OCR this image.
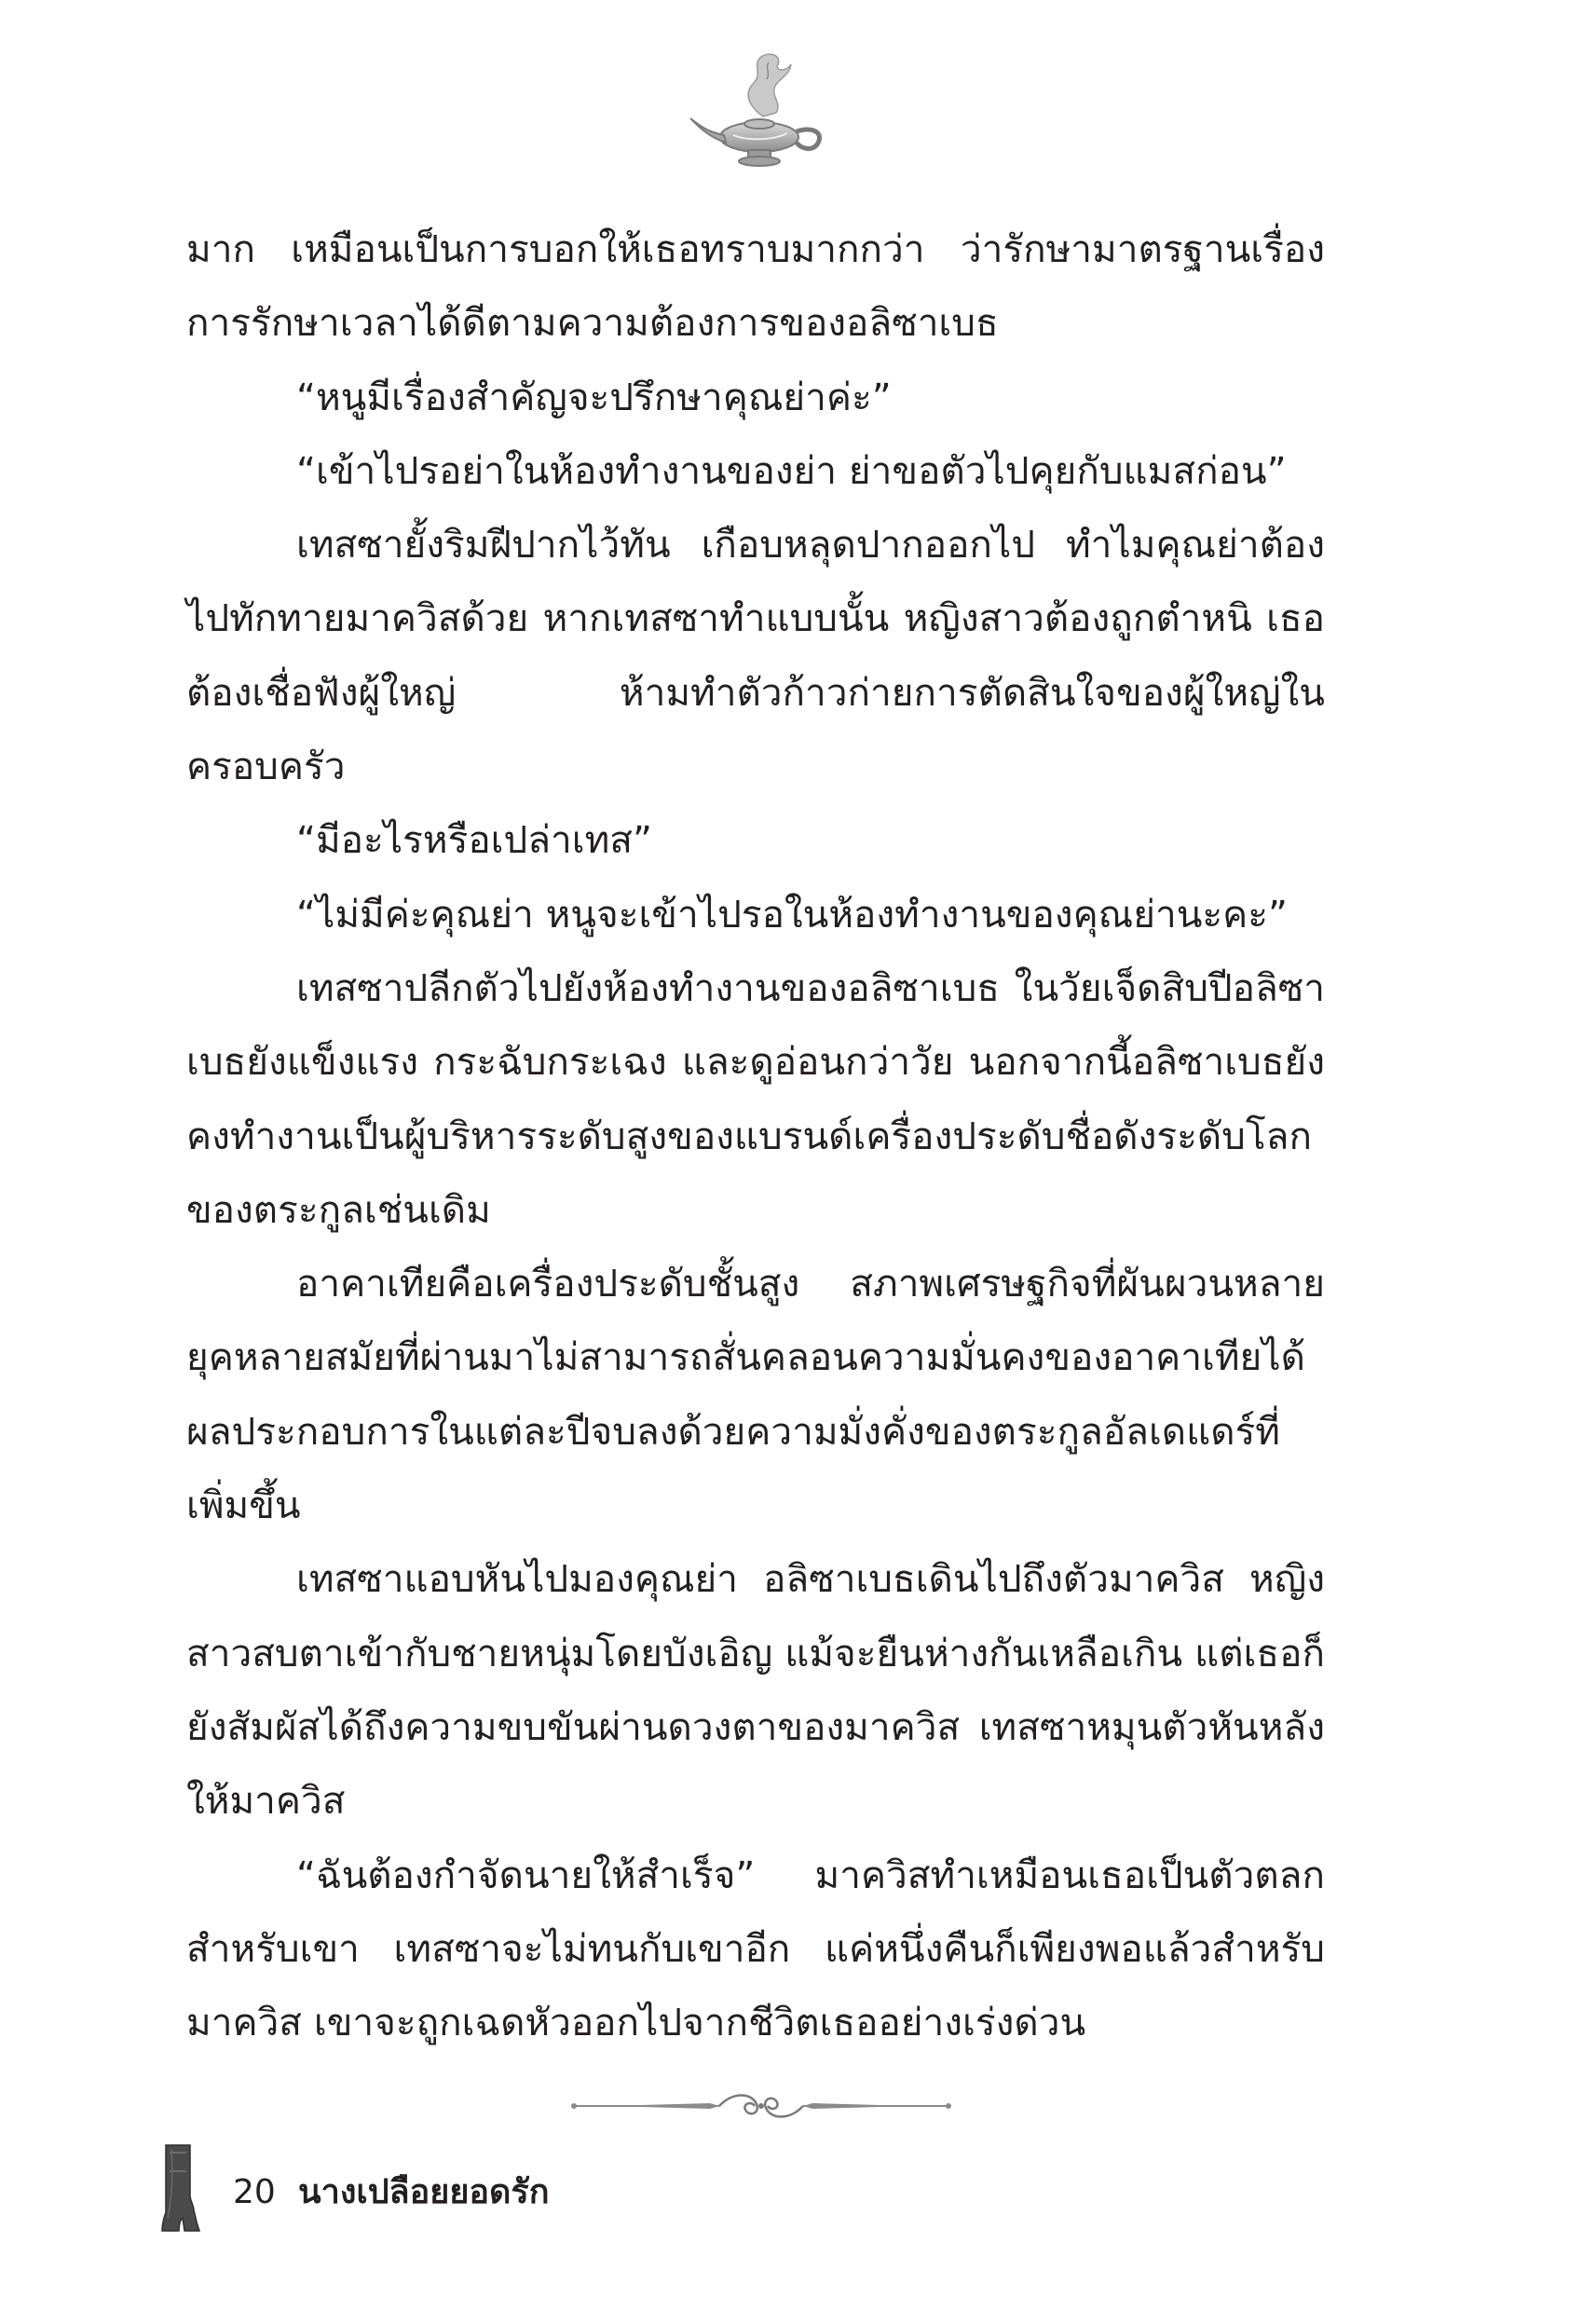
มาก เหมือนเป็นการบอกให้เธอทราบมากกว่า ว่ารักษามาตรฐานเรื่องการรักษาเวลาได้ดีตามความต้องการของอลิซาเบธ

“หนูมีเรื่องสำคัญจะปรึกษาคุณย่าค่ะ”

“เข้าไปรอย่าในห้องทำงานของย่า ย่าขอตัวไปคุยกับแมสก่อน”

เทสซายั้งริมฝีปากไว้ทัน เกือบหลุดปากออกไป ทำไมคุณย่าต้องไปทักทายมาควิสด้วย หากเทสซาทำแบบนั้น หญิงสาวต้องถูกตำหนิ เธอต้องเชื่อฟังผู้ใหญ่ ห้ามทำตัวก้าวก่ายการตัดสินใจของผู้ใหญ่ในครอบครัว

“มีอะไรหรือเปล่าเทส”

“ไม่มีค่ะคุณย่า หนูจะเข้าไปรอในห้องทำงานของคุณย่านะคะ”

เทสซาปลีกตัวไปยังห้องทำงานของอลิซาเบธ ในวัยเจ็ดสิบปีอลิซาเบธยังแข็งแรง กระฉับกระเฉง และดูอ่อนกว่าวัย นอกจากนี้อลิซาเบธยังคงทำงานเป็นผู้บริหารระดับสูงของแบรนด์เครื่องประดับชื่อดังระดับโลกของตระกูลเช่นเดิม

อาคาเทียคือเครื่องประดับชั้นสูง สภาพเศรษฐกิจที่ผันผวนหลายยุคหลายสมัยที่ผ่านมาไม่สามารถสั่นคลอนความมั่นคงของอาคาเทียได้ ผลประกอบการในแต่ละปีจบลงด้วยความมั่งคั่งของตระกูลอัลเดแดร์ที่เพิ่มขึ้น

เทสซาแอบหันไปมองคุณย่า อลิซาเบธเดินไปถึงตัวมาควิส หญิงสาวสบตาเข้ากับชายหนุ่มโดยบังเอิญ แม้จะยืนห่างกันเหลือเกิน แต่เธอก็ยังสัมผัสได้ถึงความขบขันผ่านดวงตาของมาควิส เทสซาหมุนตัวหันหลังให้มาควิส

“ฉันต้องกำจัดนายให้สำเร็จ” มาควิสทำเหมือนเธอเป็นตัวตลกสำหรับเขา เทสซาจะไม่ทนกับเขาอีก แค่หนึ่งคืนก็เพียงพอแล้วสำหรับมาควิส เขาจะถูกเฉดหัวออกไปจากชีวิตเธออย่างเร่งด่วน

20 นางเปลือยยอดรัก
